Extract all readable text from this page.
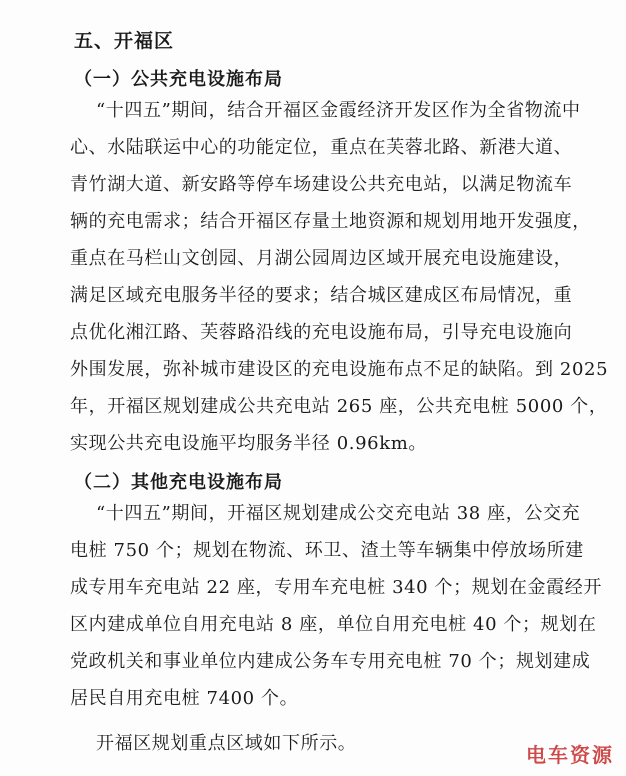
五、开福区
（一）公共充电设施布局
“十四五”期间，结合开福区金霞经济开发区作为全省物流中
心、水陆联运中心的功能定位，重点在芙蓉北路、新港大道、
青竹湖大道、新安路等停车场建设公共充电站，以满足物流车
辆的充电需求；结合开福区存量土地资源和规划用地开发强度，
重点在马栏山文创园、月湖公园周边区域开展充电设施建设，
满足区域充电服务半径的要求；结合城区建成区布局情况，重
点优化湘江路、芙蓉路沿线的充电设施布局，引导充电设施向
外围发展，弥补城市建设区的充电设施布点不足的缺陷。到 2025
年，开福区规划建成公共充电站 265 座，公共充电桩 5000 个，
实现公共充电设施平均服务半径 0.96km。
（二）其他充电设施布局
“十四五”期间，开福区规划建成公交充电站 38 座，公交充
电桩 750 个；规划在物流、环卫、渣土等车辆集中停放场所建
成专用车充电站 22 座，专用车充电桩 340 个；规划在金霞经开
区内建成单位自用充电站 8 座，单位自用充电桩 40 个；规划在
党政机关和事业单位内建成公务车专用充电桩 70 个；规划建成
居民自用充电桩 7400 个。
开福区规划重点区域如下所示。	电车资源
